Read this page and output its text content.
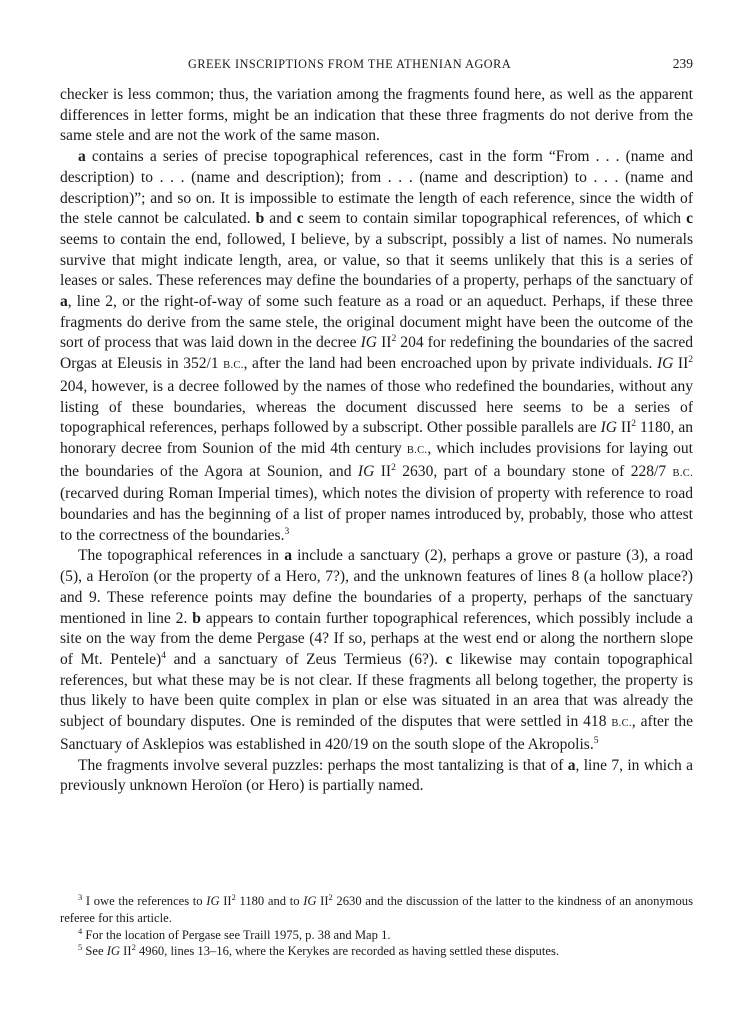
GREEK INSCRIPTIONS FROM THE ATHENIAN AGORA	239

checker is less common; thus, the variation among the fragments found here, as well as the apparent differences in letter forms, might be an indication that these three fragments do not derive from the same stele and are not the work of the same mason.

a contains a series of precise topographical references, cast in the form “From . . . (name and description) to . . . (name and description); from . . . (name and description) to . . . (name and description)”; and so on. It is impossible to estimate the length of each reference, since the width of the stele cannot be calculated. b and c seem to contain similar topographical references, of which c seems to contain the end, followed, I believe, by a subscript, possibly a list of names. No numerals survive that might indicate length, area, or value, so that it seems unlikely that this is a series of leases or sales. These references may define the boundaries of a property, perhaps of the sanctuary of a, line 2, or the right-of-way of some such feature as a road or an aqueduct. Perhaps, if these three fragments do derive from the same stele, the original document might have been the outcome of the sort of process that was laid down in the decree IG $II^2$ 204 for redefining the boundaries of the sacred Orgas at Eleusis in 352/1 B.C., after the land had been encroached upon by private individuals. IG $II^2$ 204, however, is a decree followed by the names of those who redefined the boundaries, without any listing of these boundaries, whereas the document discussed here seems to be a series of topographical references, perhaps followed by a subscript. Other possible parallels are IG $II^2$ 1180, an honorary decree from Sounion of the mid 4th century B.C., which includes provisions for laying out the boundaries of the Agora at Sounion, and IG $II^2$ 2630, part of a boundary stone of 228/7 B.C. (recarved during Roman Imperial times), which notes the division of property with reference to road boundaries and has the beginning of a list of proper names introduced by, probably, those who attest to the correctness of the boundaries.$^3$

The topographical references in a include a sanctuary (2), perhaps a grove or pasture (3), a road (5), a Heroïon (or the property of a Hero, 7?), and the unknown features of lines 8 (a hollow place?) and 9. These reference points may define the boundaries of a property, perhaps of the sanctuary mentioned in line 2. b appears to contain further topographical references, which possibly include a site on the way from the deme Pergase (4? If so, perhaps at the west end or along the northern slope of Mt. Pentele)$^4$ and a sanctuary of Zeus Termieus (6?). c likewise may contain topographical references, but what these may be is not clear. If these fragments all belong together, the property is thus likely to have been quite complex in plan or else was situated in an area that was already the subject of boundary disputes. One is reminded of the disputes that were settled in 418 B.C., after the Sanctuary of Asklepios was established in 420/19 on the south slope of the Akropolis.$^5$

The fragments involve several puzzles: perhaps the most tantalizing is that of a, line 7, in which a previously unknown Heroïon (or Hero) is partially named.

$^3$ I owe the references to IG $II^2$ 1180 and to IG $II^2$ 2630 and the discussion of the latter to the kindness of an anonymous referee for this article.

$^4$ For the location of Pergase see Traill 1975, p. 38 and Map 1.

$^5$ See IG $II^2$ 4960, lines 13–16, where the Kerykes are recorded as having settled these disputes.
